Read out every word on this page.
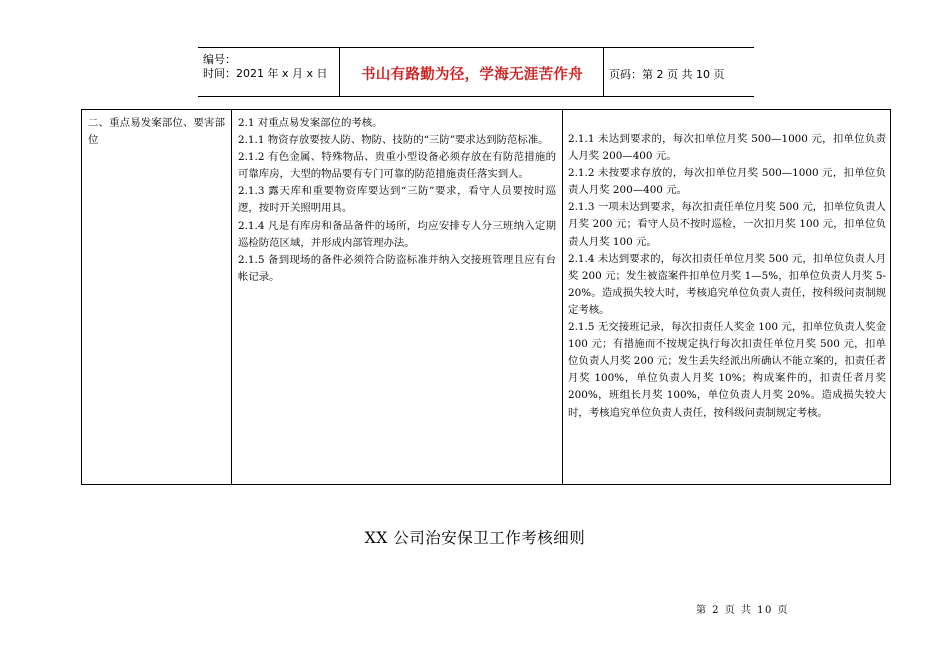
编号：
时间：2021 年 x 月 x 日	书山有路勤为径，学海无涯苦作舟	页码：第 2 页 共 10 页
二、重点易发案部位、要害部位

2.1 对重点易发案部位的考核。

2.1.1 物资存放要按人防、物防、技防的“三防”要求达到防范标准。

2.1.2 有色金属、特殊物品、贵重小型设备必须存放在有防范措施的可靠库房，大型的物品要有专门可靠的防范措施责任落实到人。

2.1.3 露天库和重要物资库要达到“三防”要求，看守人员要按时巡逻，按时开关照明用具。

2.1.4 凡是有库房和备品备件的场所，均应安排专人分三班纳入定期巡检防范区域，并形成内部管理办法。

2.1.5 备到现场的备件必须符合防盗标准并纳入交接班管理且应有台帐记录。

2.1.1 未达到要求的，每次扣单位月奖 500—1000 元，扣单位负责人月奖 200—400 元。

2.1.2 未按要求存放的，每次扣单位月奖 500—1000 元，扣单位负责人月奖 200—400 元。

2.1.3 一项未达到要求，每次扣责任单位月奖 500 元，扣单位负责人月奖 200 元；看守人员不按时巡检，一次扣月奖 100 元，扣单位负责人月奖 100 元。

2.1.4 未达到要求的，每次扣责任单位月奖 500 元，扣单位负责人月奖 200 元；发生被盗案件扣单位月奖 1—5%，扣单位负责人月奖 5-20%。造成损失较大时，考核追究单位负责人责任，按科级问责制规定考核。

2.1.5 无交接班记录，每次扣责任人奖金 100 元，扣单位负责人奖金 100 元；有措施而不按规定执行每次扣责任单位月奖 500 元，扣单位负责人月奖 200 元；发生丢失经派出所确认不能立案的，扣责任者月奖 100%，单位负责人月奖 10%；构成案件的，扣责任者月奖 200%，班组长月奖 100%，单位负责人月奖 20%。造成损失较大时，考核追究单位负责人责任，按科级问责制规定考核。

XX 公司治安保卫工作考核细则
第 2 页 共 10 页
